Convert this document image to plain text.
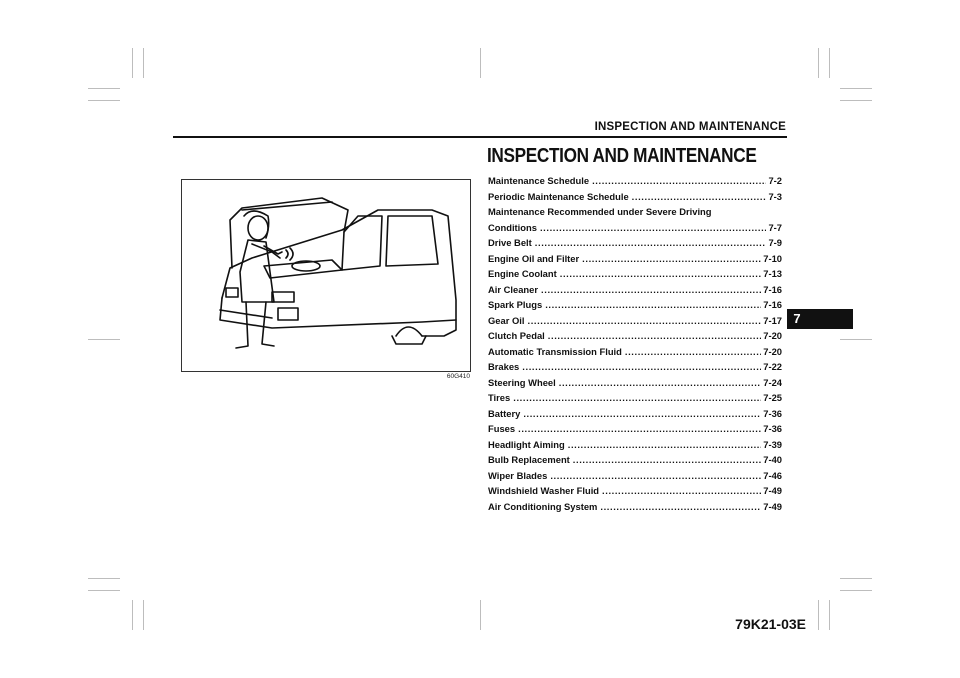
INSPECTION AND MAINTENANCE
7
60G410
INSPECTION AND MAINTENANCE
Maintenance Schedule .....	7-2
Periodic Maintenance Schedule .....	7-3
Maintenance Recommended under Severe Driving
Conditions .....	7-7
Drive Belt .....	7-9
Engine Oil and Filter .....	7-10
Engine Coolant .....	7-13
Air Cleaner .....	7-16
Spark Plugs .....	7-16
Gear Oil .....	7-17
Clutch Pedal .....	7-20
Automatic Transmission Fluid .....	7-20
Brakes .....	7-22
Steering Wheel .....	7-24
Tires .....	7-25
Battery .....	7-36
Fuses .....	7-36
Headlight Aiming .....	7-39
Bulb Replacement .....	7-40
Wiper Blades .....	7-46
Windshield Washer Fluid .....	7-49
Air Conditioning System .....	7-49
79K21-03E
